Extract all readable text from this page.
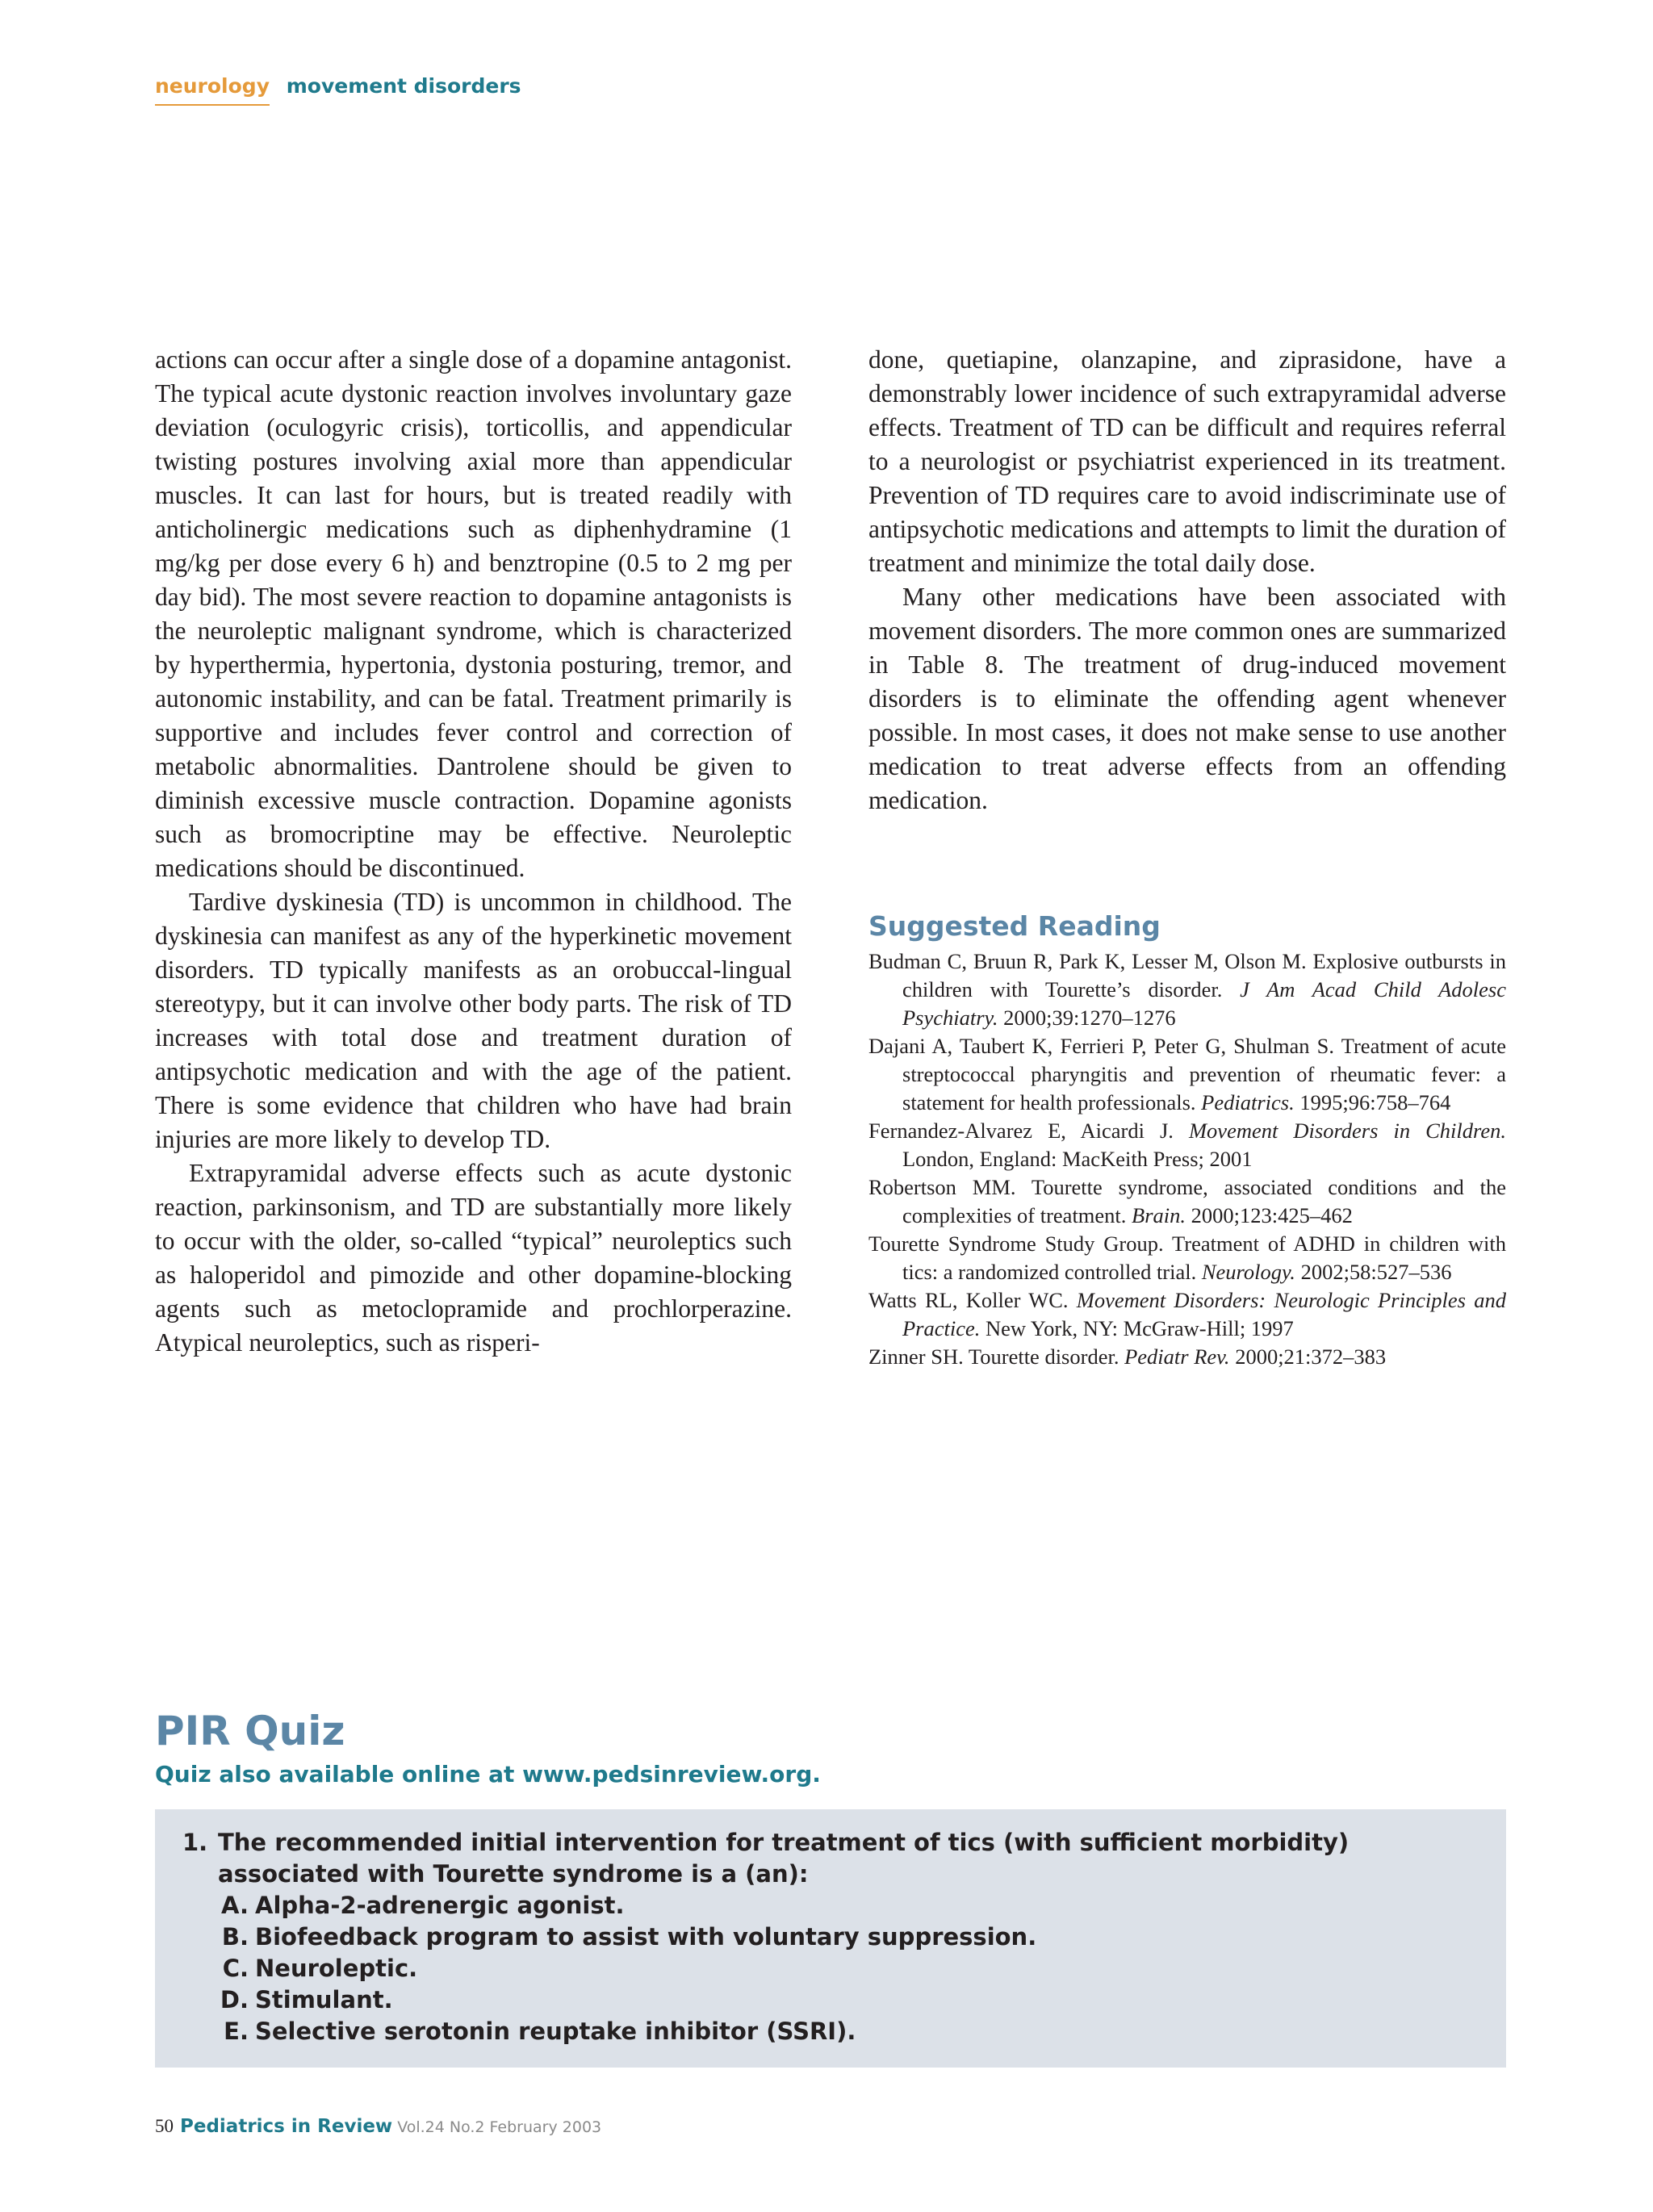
neurology movement disorders

actions can occur after a single dose of a dopamine antagonist. The typical acute dystonic reaction involves involuntary gaze deviation (oculogyric crisis), torticollis, and appendicular twisting postures involving axial more than appendicular muscles. It can last for hours, but is treated readily with anticholinergic medications such as diphenhydramine (1 mg/kg per dose every 6 h) and benztropine (0.5 to 2 mg per day bid). The most severe reaction to dopamine antagonists is the neuroleptic malignant syndrome, which is characterized by hyperthermia, hypertonia, dystonia posturing, tremor, and autonomic instability, and can be fatal. Treatment primarily is supportive and includes fever control and correction of metabolic abnormalities. Dantrolene should be given to diminish excessive muscle contraction. Dopamine agonists such as bromocriptine may be effective. Neuroleptic medications should be discontinued.

Tardive dyskinesia (TD) is uncommon in childhood. The dyskinesia can manifest as any of the hyperkinetic movement disorders. TD typically manifests as an orobuccal-lingual stereotypy, but it can involve other body parts. The risk of TD increases with total dose and treatment duration of antipsychotic medication and with the age of the patient. There is some evidence that children who have had brain injuries are more likely to develop TD.

Extrapyramidal adverse effects such as acute dystonic reaction, parkinsonism, and TD are substantially more likely to occur with the older, so-called “typical” neuroleptics such as haloperidol and pimozide and other dopamine-blocking agents such as metoclopramide and prochlorperazine. Atypical neuroleptics, such as risperi-

done, quetiapine, olanzapine, and ziprasidone, have a demonstrably lower incidence of such extrapyramidal adverse effects. Treatment of TD can be difficult and requires referral to a neurologist or psychiatrist experienced in its treatment. Prevention of TD requires care to avoid indiscriminate use of antipsychotic medications and attempts to limit the duration of treatment and minimize the total daily dose.

Many other medications have been associated with movement disorders. The more common ones are summarized in Table 8. The treatment of drug-induced movement disorders is to eliminate the offending agent whenever possible. In most cases, it does not make sense to use another medication to treat adverse effects from an offending medication.

Suggested Reading
Budman C, Bruun R, Park K, Lesser M, Olson M. Explosive outbursts in children with Tourette’s disorder. J Am Acad Child Adolesc Psychiatry. 2000;39:1270–1276
Dajani A, Taubert K, Ferrieri P, Peter G, Shulman S. Treatment of acute streptococcal pharyngitis and prevention of rheumatic fever: a statement for health professionals. Pediatrics. 1995;96:758–764
Fernandez-Alvarez E, Aicardi J. Movement Disorders in Children. London, England: MacKeith Press; 2001
Robertson MM. Tourette syndrome, associated conditions and the complexities of treatment. Brain. 2000;123:425–462
Tourette Syndrome Study Group. Treatment of ADHD in children with tics: a randomized controlled trial. Neurology. 2002;58:527–536
Watts RL, Koller WC. Movement Disorders: Neurologic Principles and Practice. New York, NY: McGraw-Hill; 1997
Zinner SH. Tourette disorder. Pediatr Rev. 2000;21:372–383
PIR Quiz
Quiz also available online at www.pedsinreview.org.
1. The recommended initial intervention for treatment of tics (with sufficient morbidity) associated with Tourette syndrome is a (an):
A. Alpha-2-adrenergic agonist.
B. Biofeedback program to assist with voluntary suppression.
C. Neuroleptic.
D. Stimulant.
E. Selective serotonin reuptake inhibitor (SSRI).
50 Pediatrics in Review Vol.24 No.2 February 2003
